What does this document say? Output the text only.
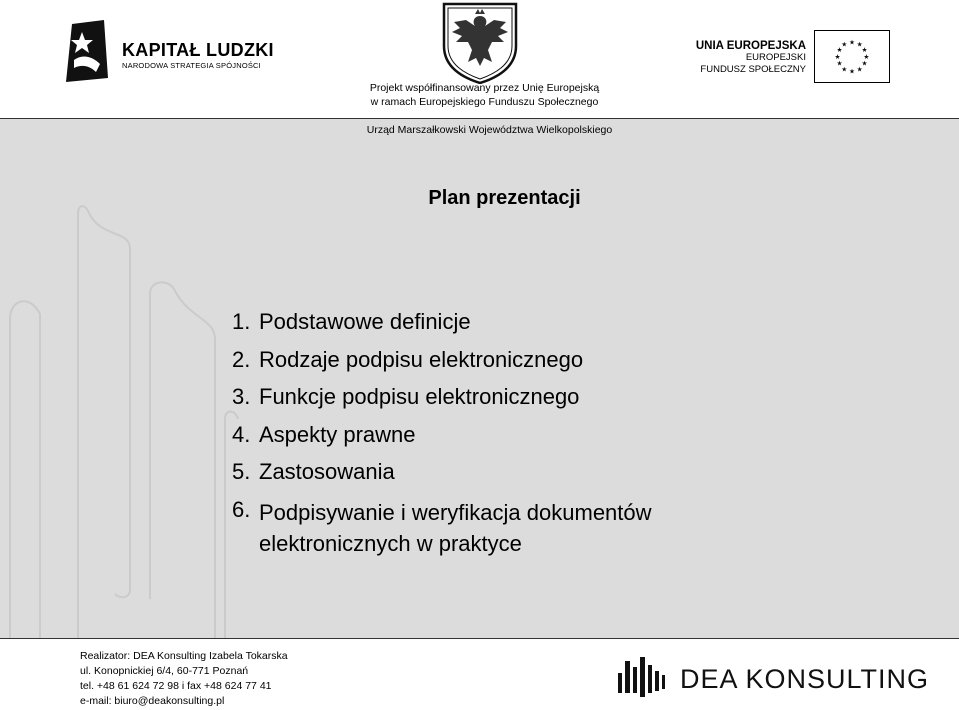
KAPITAŁ LUDZKI
NARODOWA STRATEGIA SPÓJNOŚCI
Projekt współfinansowany przez Unię Europejską
w ramach Europejskiego Funduszu Społecznego
UNIA EUROPEJSKA
EUROPEJSKI
FUNDUSZ SPOŁECZNY
★ ★
★
★
★
★
★
★
★
★
★
★
Urząd Marszałkowski Województwa Wielkopolskiego
Plan prezentacji
1. Podstawowe definicje
2. Rodzaje podpisu elektronicznego
3. Funkcje podpisu elektronicznego
4. Aspekty prawne
5. Zastosowania
6. Podpisywanie i weryfikacja dokumentów elektronicznych w praktyce
Realizator: DEA Konsulting Izabela Tokarska
ul. Konopnickiej 6/4, 60-771 Poznań
tel. +48 61 624 72 98 i fax +48 624 77 41
e-mail: biuro@deakonsulting.pl
DEA KONSULTING
